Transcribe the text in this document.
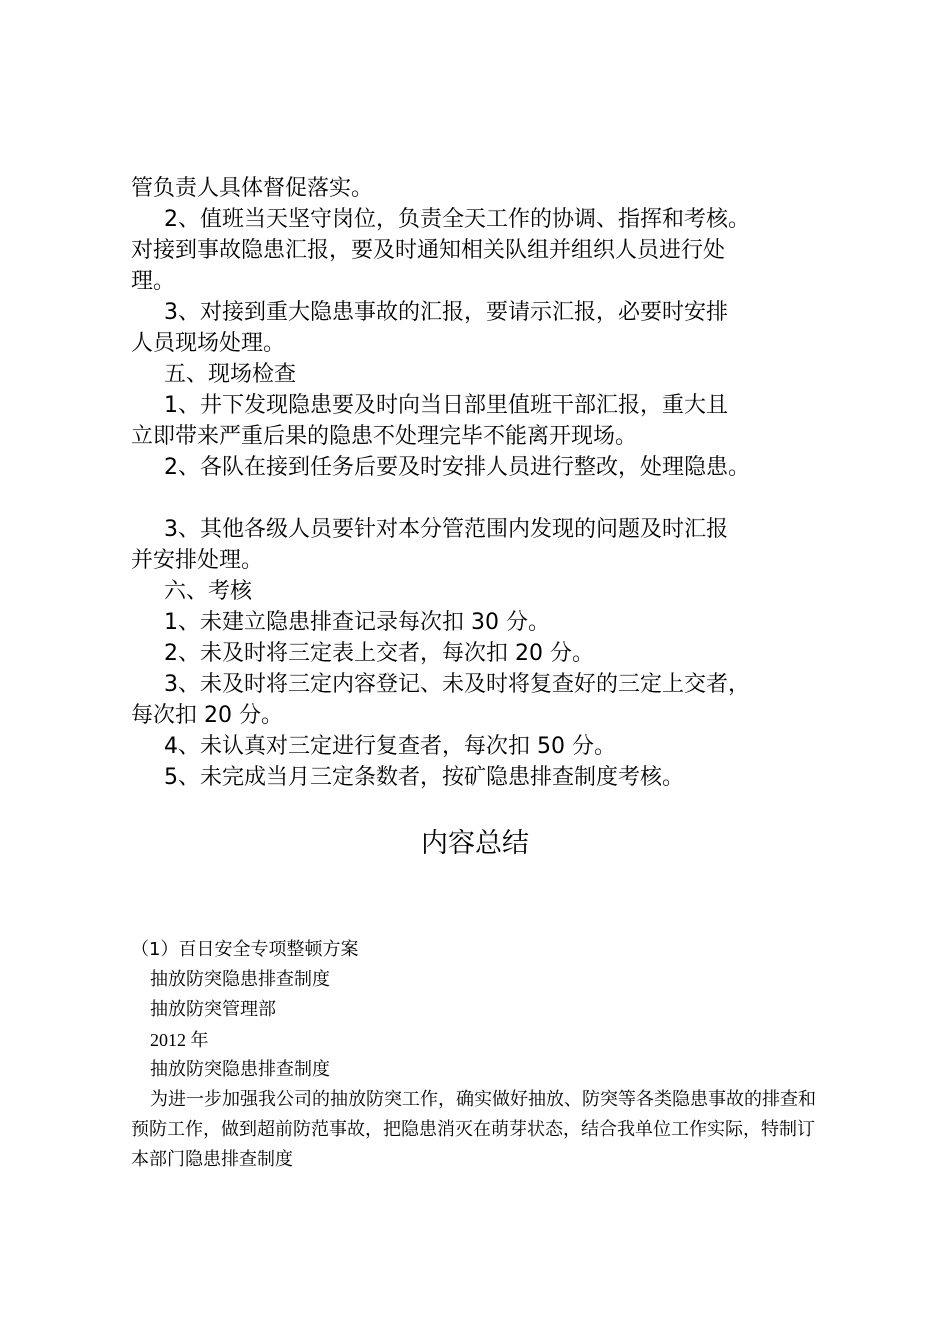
管负责人具体督促落实。

2、值班当天坚守岗位，负责全天工作的协调、指挥和考核。

对接到事故隐患汇报，要及时通知相关队组并组织人员进行处

理。

3、对接到重大隐患事故的汇报，要请示汇报，必要时安排

人员现场处理。

五、现场检查

1、井下发现隐患要及时向当日部里值班干部汇报，重大且

立即带来严重后果的隐患不处理完毕不能离开现场。

2、各队在接到任务后要及时安排人员进行整改，处理隐患。

3、其他各级人员要针对本分管范围内发现的问题及时汇报

并安排处理。

六、考核

1、未建立隐患排查记录每次扣 30 分。

2、未及时将三定表上交者，每次扣 20 分。

3、未及时将三定内容登记、未及时将复查好的三定上交者，

每次扣 20 分。

4、未认真对三定进行复查者，每次扣 50 分。

5、未完成当月三定条数者，按矿隐患排查制度考核。

内容总结

（1）百日安全专项整顿方案

抽放防突隐患排查制度

抽放防突管理部

2012 年

抽放防突隐患排查制度

为进一步加强我公司的抽放防突工作，确实做好抽放、防突等各类隐患事故的排查和预防工作，做到超前防范事故，把隐患消灭在萌芽状态，结合我单位工作实际，特制订本部门隐患排查制度
